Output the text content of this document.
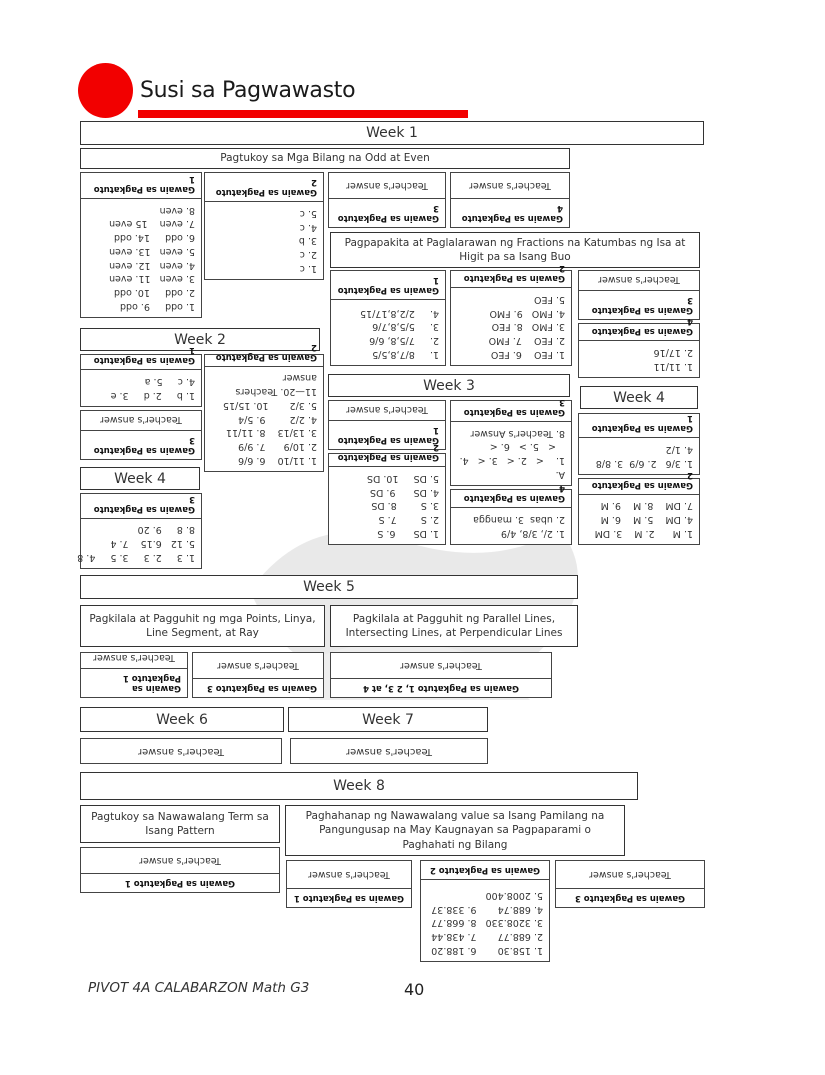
Susi sa Pagwawasto
Week 1
Pagtukoy sa Mga Bilang na Odd at Even
Gawain sa Pagkatuto 1
1. odd     9. odd
2. odd     10. odd
3. even   11. even
4. even   12. even
5. even   13. even
6. odd     14. odd
7. even    15 even
8. even
Gawain sa Pagkatuto 2
1. c
2. c
3. b
4. c
5. c	Gawain sa Pagkatuto 3
Teacher's answer
Gawain sa Pagkatuto 4
Teacher's answer
Pagpapakita at Paglalarawan ng Fractions na Katumbas ng Isa at Higit pa sa Isang Buo
Gawain sa Pagkatuto 1
1.     8/7,8,5/5
2.     7/5,8, 6/6
3.     5/5,8,7/6
4.     2/2,8,17/15
Gawain sa Pagkatuto 2
1. FEO    6. FEO
2. FEO    7. FMO
3. FMO   8. FEO
4. FMO   9. FMO
5. FEO
Gawain sa Pagkatuto 3
Teacher's answer
Gawain sa Pagkatuto 4
1. 11/11
2. 17/16
Week 2
Gawain sa Pagkatuto 1
1. b     2. d     3. e
4. c     5. a
Gawain sa Pagkatuto 2
1. 11/10    6. 6/6
2. 10/9      7. 9/9
3. 13/13    8. 11/11
4. 2/2        9. 5/4
5. 3/2       10. 15/15
11—20. Teachers
answer
Gawain sa Pagkatuto 3
Teacher's answer
Week 4
Gawain sa Pagkatuto 3
1. 3     2. 3     3. 5     4. 8
5. 12   6.15    7. 4
8. 8     9. 20
Week 3
Gawain sa Pagkatuto 1
Teacher's answer
Gawain sa Pagkatuto 2
1. DS      6. S
2. S        7. S
3. S        8. DS
4. DS      9. DS
5. DS     10. DS
Gawain sa Pagkatuto 3
A.
1.    <   2. <   3. <   4.
<   5. >   6. <
8. Teacher's Answer
Gawain sa Pagkatuto 4
1. 2/, 3/8, 4/9
2. ubas  3. mangga
Week 4
Gawain sa Pagkatuto 1
1. 3/6   2. 6/9  3. 8/8
4. 1/2
Gawain sa Pagkatuto 2
1. M      2. M    3. DM
4. DM    5. M    6. M
7. DM    8. M    9. M
Week 5
Pagkilala at Pagguhit ng mga Points, Linya, Line Segment, at Ray
Pagkilala at Pagguhit ng Parallel Lines, Intersecting Lines, at Perpendicular Lines
Gawain sa Pagkatuto 1
Teacher's answer
Gawain sa Pagkatuto 3
Teacher's answer
Gawain sa Pagkatuto 1, 2 3, at 4
Teacher's answer
Week 6	Week 7
Teacher's answer	Teacher's answer
Week 8
Pagtukoy sa Nawawalang Term sa Isang Pattern
Paghahanap ng Nawawalang value sa Isang Pamilang na Pangungusap na May Kaugnayan sa Pagpaparami o Paghahati ng Bilang
Gawain sa Pagkatuto 1
Teacher's answer
Gawain sa Pagkatuto 1
Teacher's answer	Gawain sa Pagkatuto 2
1. 158.30       6. 188.20
2. 688.77       7. 438.44
3. 3208.330   8. 668.77
4. 688.74       9. 338.37
5. 2008.400	Gawain sa Pagkatuto 3
Teacher's answer
PIVOT 4A CALABARZON Math G3	40
